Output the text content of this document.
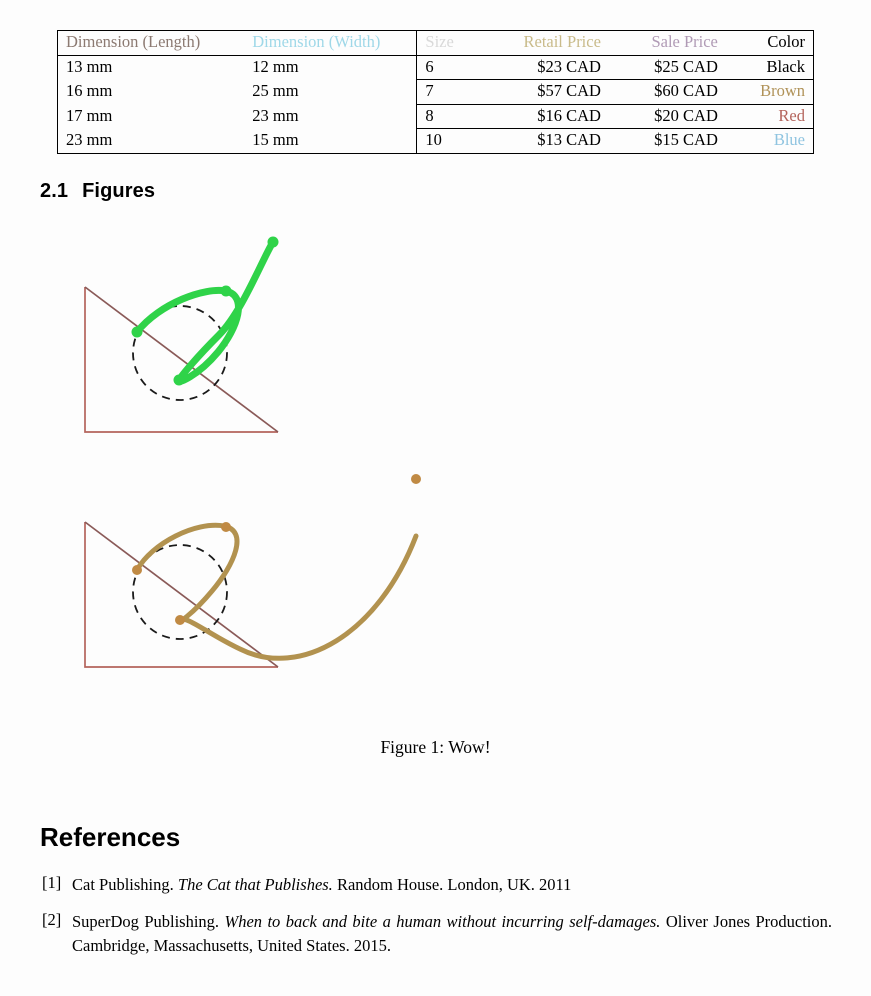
Dimension (Length)	Dimension (Width)	Size	Retail Price	Sale Price	Color
13 mm	12 mm	6	$23 CAD	$25 CAD	Black
16 mm	25 mm	7	$57 CAD	$60 CAD	Brown
17 mm	23 mm	8	$16 CAD	$20 CAD	Red
23 mm	15 mm	10	$13 CAD	$15 CAD	Blue
2.1 Figures
Figure 1: Wow!
References
[1] Cat Publishing. The Cat that Publishes. Random House. London, UK. 2011
[2] SuperDog Publishing. When to back and bite a human without incurring self-damages. Oliver Jones Production. Cambridge, Massachusetts, United States. 2015.
